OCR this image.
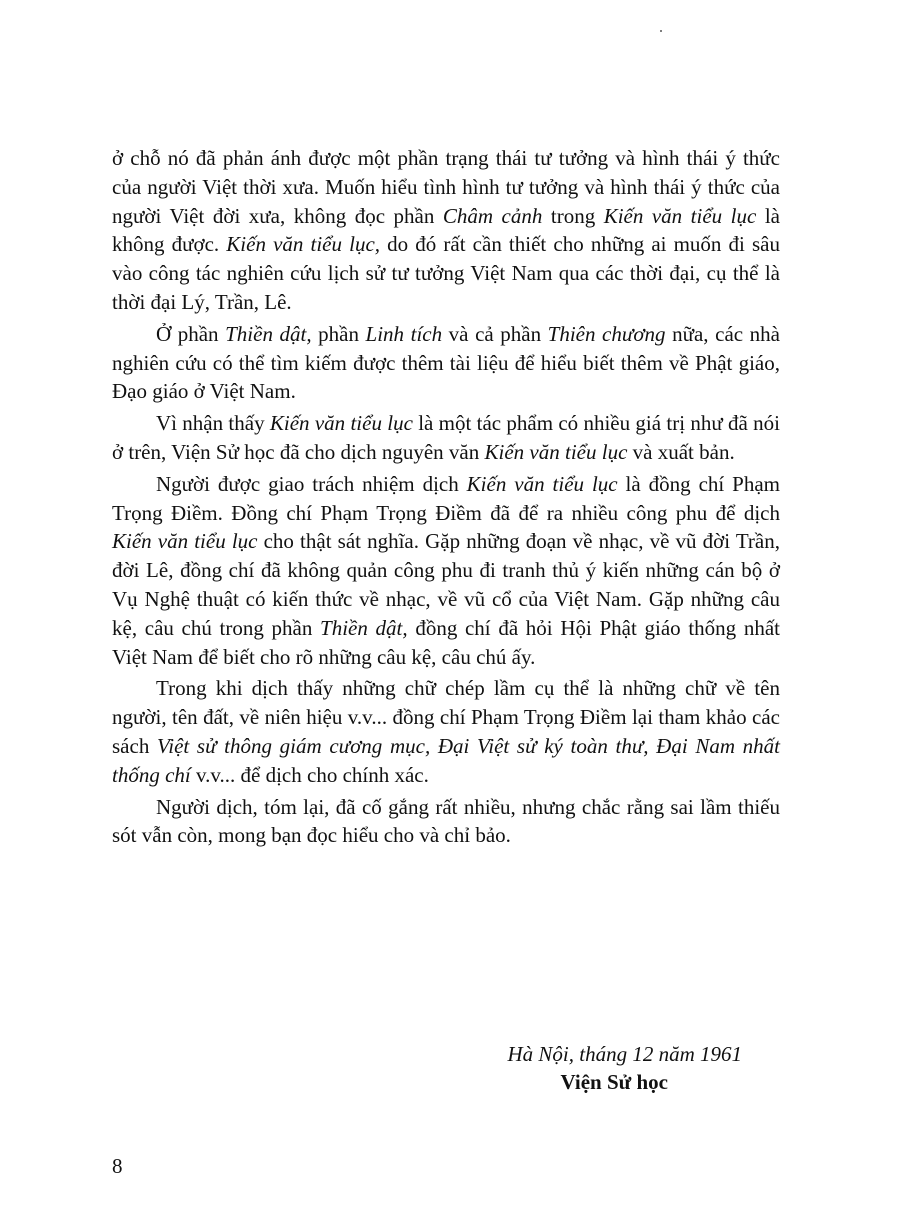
ở chỗ nó đã phản ánh được một phần trạng thái tư tưởng và hình thái ý thức của người Việt thời xưa. Muốn hiểu tình hình tư tưởng và hình thái ý thức của người Việt đời xưa, không đọc phần Châm cảnh trong Kiến văn tiểu lục là không được. Kiến văn tiểu lục, do đó rất cần thiết cho những ai muốn đi sâu vào công tác nghiên cứu lịch sử tư tưởng Việt Nam qua các thời đại, cụ thể là thời đại Lý, Trần, Lê.

Ở phần Thiền dật, phần Linh tích và cả phần Thiên chương nữa, các nhà nghiên cứu có thể tìm kiếm được thêm tài liệu để hiểu biết thêm về Phật giáo, Đạo giáo ở Việt Nam.

Vì nhận thấy Kiến văn tiểu lục là một tác phẩm có nhiều giá trị như đã nói ở trên, Viện Sử học đã cho dịch nguyên văn Kiến văn tiểu lục và xuất bản.

Người được giao trách nhiệm dịch Kiến văn tiểu lục là đồng chí Phạm Trọng Điềm. Đồng chí Phạm Trọng Điềm đã để ra nhiều công phu để dịch Kiến văn tiểu lục cho thật sát nghĩa. Gặp những đoạn về nhạc, về vũ đời Trần, đời Lê, đồng chí đã không quản công phu đi tranh thủ ý kiến những cán bộ ở Vụ Nghệ thuật có kiến thức về nhạc, về vũ cổ của Việt Nam. Gặp những câu kệ, câu chú trong phần Thiền dật, đồng chí đã hỏi Hội Phật giáo thống nhất Việt Nam để biết cho rõ những câu kệ, câu chú ấy.

Trong khi dịch thấy những chữ chép lầm cụ thể là những chữ về tên người, tên đất, về niên hiệu v.v... đồng chí Phạm Trọng Điềm lại tham khảo các sách Việt sử thông giám cương mục, Đại Việt sử ký toàn thư, Đại Nam nhất thống chí v.v... để dịch cho chính xác.

Người dịch, tóm lại, đã cố gắng rất nhiều, nhưng chắc rằng sai lầm thiếu sót vẫn còn, mong bạn đọc hiểu cho và chỉ bảo.

Hà Nội, tháng 12 năm 1961
Viện Sử học
8
